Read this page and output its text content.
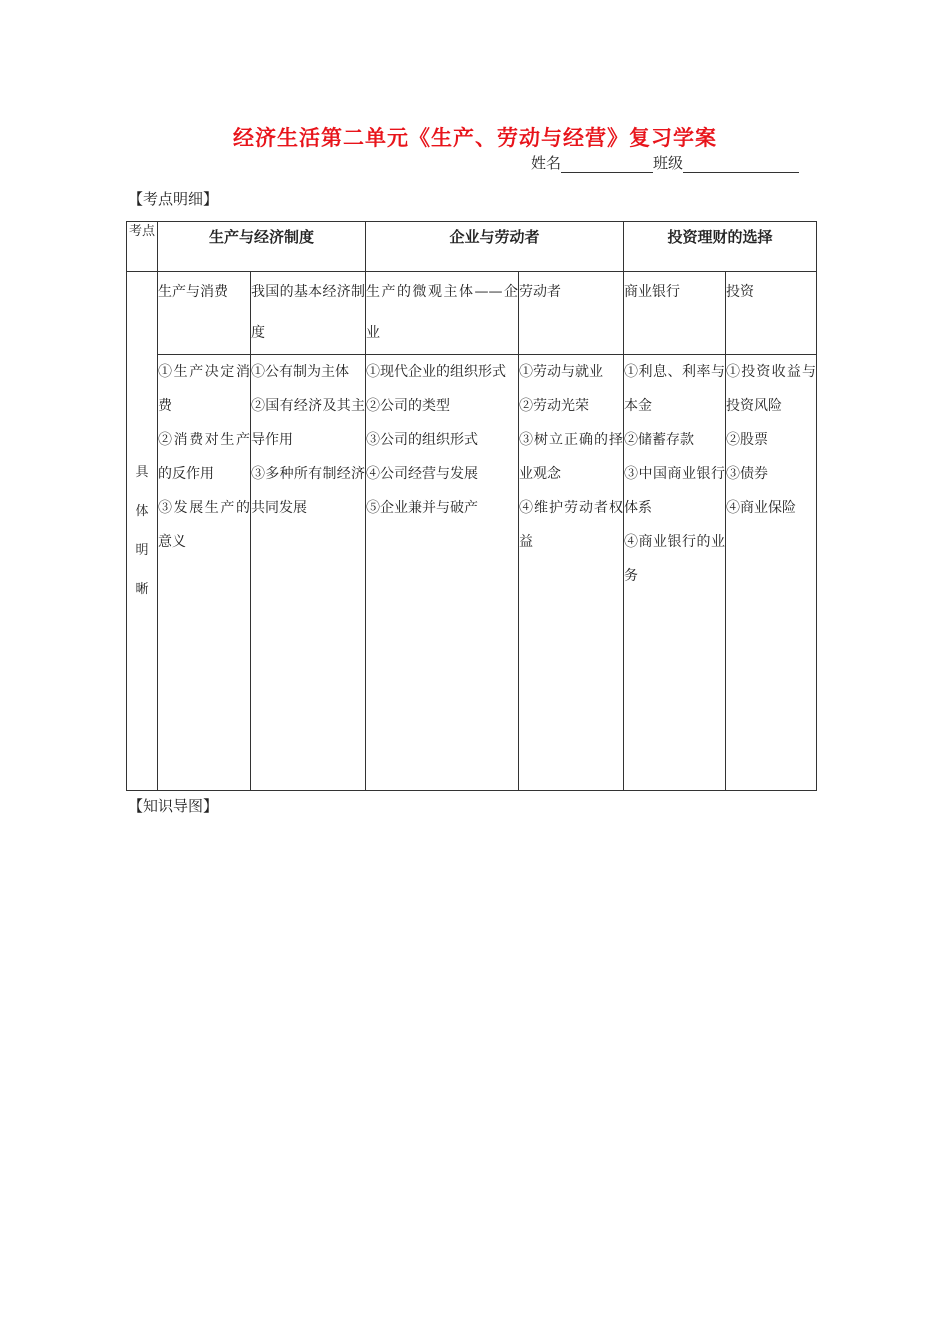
经济生活第二单元《生产、劳动与经营》复习学案
姓名	班级
【考点明细】
考点	生产与经济制度		企业与劳动者		投资理财的选择	

具
体
明
晰	生产与消费	我国的基本经济制度	生产的微观主体——企业	劳动者	商业银行	投资

	①生产决定消费
②消费对生产的反作用
③发展生产的意义	①公有制为主体
②国有经济及其主导作用
③多种所有制经济共同发展	①现代企业的组织形式
②公司的类型
③公司的组织形式
④公司经营与发展
⑤企业兼并与破产	①劳动与就业
②劳动光荣
③树立正确的择业观念
④维护劳动者权益	①利息、利率与本金
②储蓄存款
③中国商业银行体系
④商业银行的业务	①投资收益与投资风险
②股票
③债券
④商业保险
【知识导图】
